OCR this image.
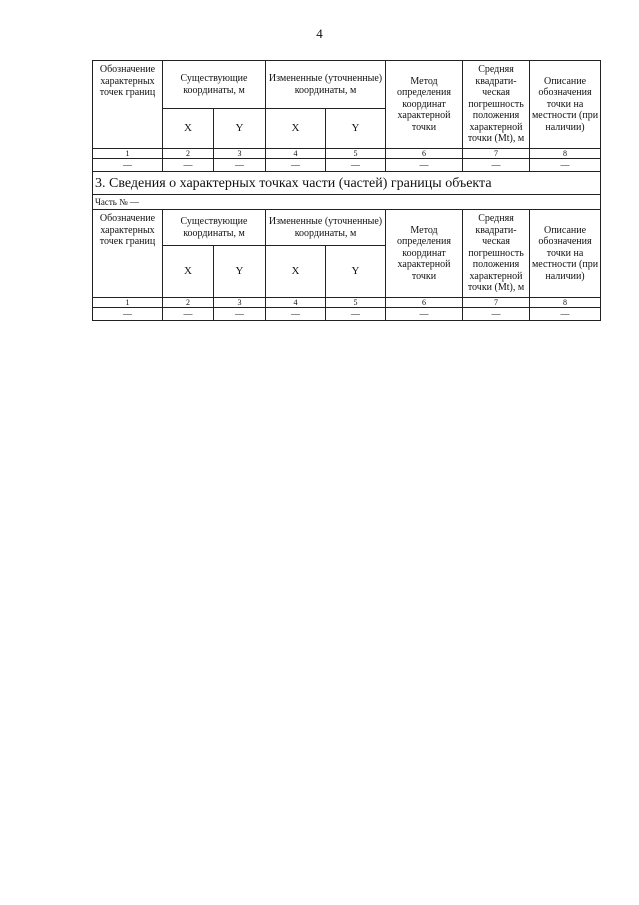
4
Обозначение характерных точек границ	Существующие координаты, м		Измененные (уточненные) координаты, м		Метод определения координат характерной точки	Средняя квадрати-ческая погрешность положения характерной точки (Mt), м	Описание обозначения точки на местности (при наличии)
	X	Y	X	Y			
1	2	3	4	5	6	7	8
—	—	—	—	—	—	—	—
3. Сведения о характерных точках части (частей) границы объекта							
Часть № —							
Обозначение характерных точек границ	Существующие координаты, м		Измененные (уточненные) координаты, м		Метод определения координат характерной точки	Средняя квадрати-ческая погрешность положения характерной точки (Mt), м	Описание обозначения точки на местности (при наличии)
	X	Y	X	Y			
1	2	3	4	5	6	7	8
—	—	—	—	—	—	—	—
